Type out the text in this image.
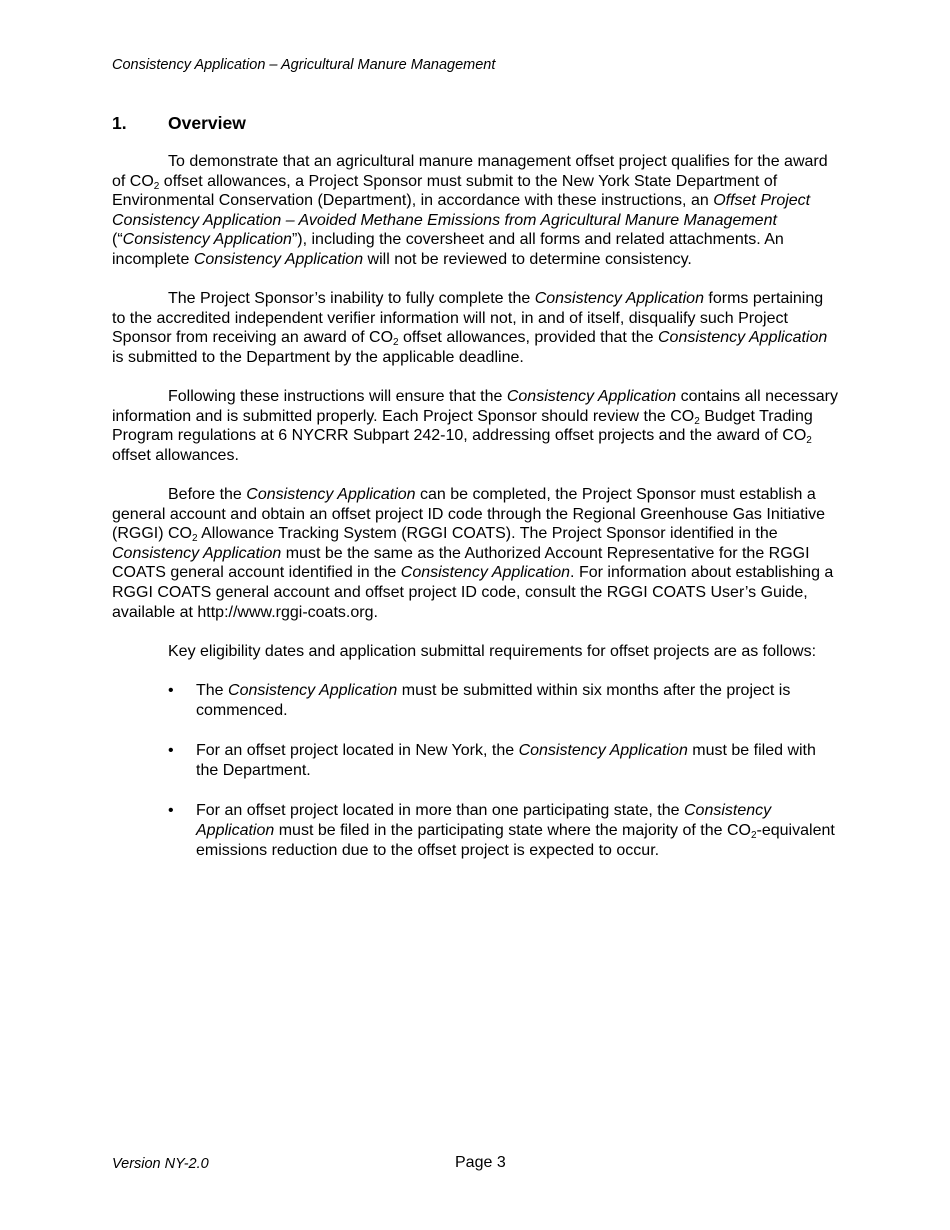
Consistency Application – Agricultural Manure Management
1. Overview

To demonstrate that an agricultural manure management offset project qualifies for the award of $CO_2$ offset allowances, a Project Sponsor must submit to the New York State Department of Environmental Conservation (Department), in accordance with these instructions, an Offset Project Consistency Application – Avoided Methane Emissions from Agricultural Manure Management (“Consistency Application”), including the coversheet and all forms and related attachments. An incomplete Consistency Application will not be reviewed to determine consistency.

The Project Sponsor’s inability to fully complete the Consistency Application forms pertaining to the accredited independent verifier information will not, in and of itself, disqualify such Project Sponsor from receiving an award of $CO_2$ offset allowances, provided that the Consistency Application is submitted to the Department by the applicable deadline.

Following these instructions will ensure that the Consistency Application contains all necessary information and is submitted properly. Each Project Sponsor should review the $CO_2$ Budget Trading Program regulations at 6 NYCRR Subpart 242-10, addressing offset projects and the award of $CO_2$ offset allowances.

Before the Consistency Application can be completed, the Project Sponsor must establish a general account and obtain an offset project ID code through the Regional Greenhouse Gas Initiative (RGGI) $CO_2$ Allowance Tracking System (RGGI COATS). The Project Sponsor identified in the Consistency Application must be the same as the Authorized Account Representative for the RGGI COATS general account identified in the Consistency Application. For information about establishing a RGGI COATS general account and offset project ID code, consult the RGGI COATS User’s Guide, available at http://www.rggi-coats.org.

Key eligibility dates and application submittal requirements for offset projects are as follows:

• The Consistency Application must be submitted within six months after the project is commenced.
• For an offset project located in New York, the Consistency Application must be filed with the Department.
• For an offset project located in more than one participating state, the Consistency Application must be filed in the participating state where the majority of the $CO_2$-equivalent emissions reduction due to the offset project is expected to occur.
Version NY-2.0	Page 3
